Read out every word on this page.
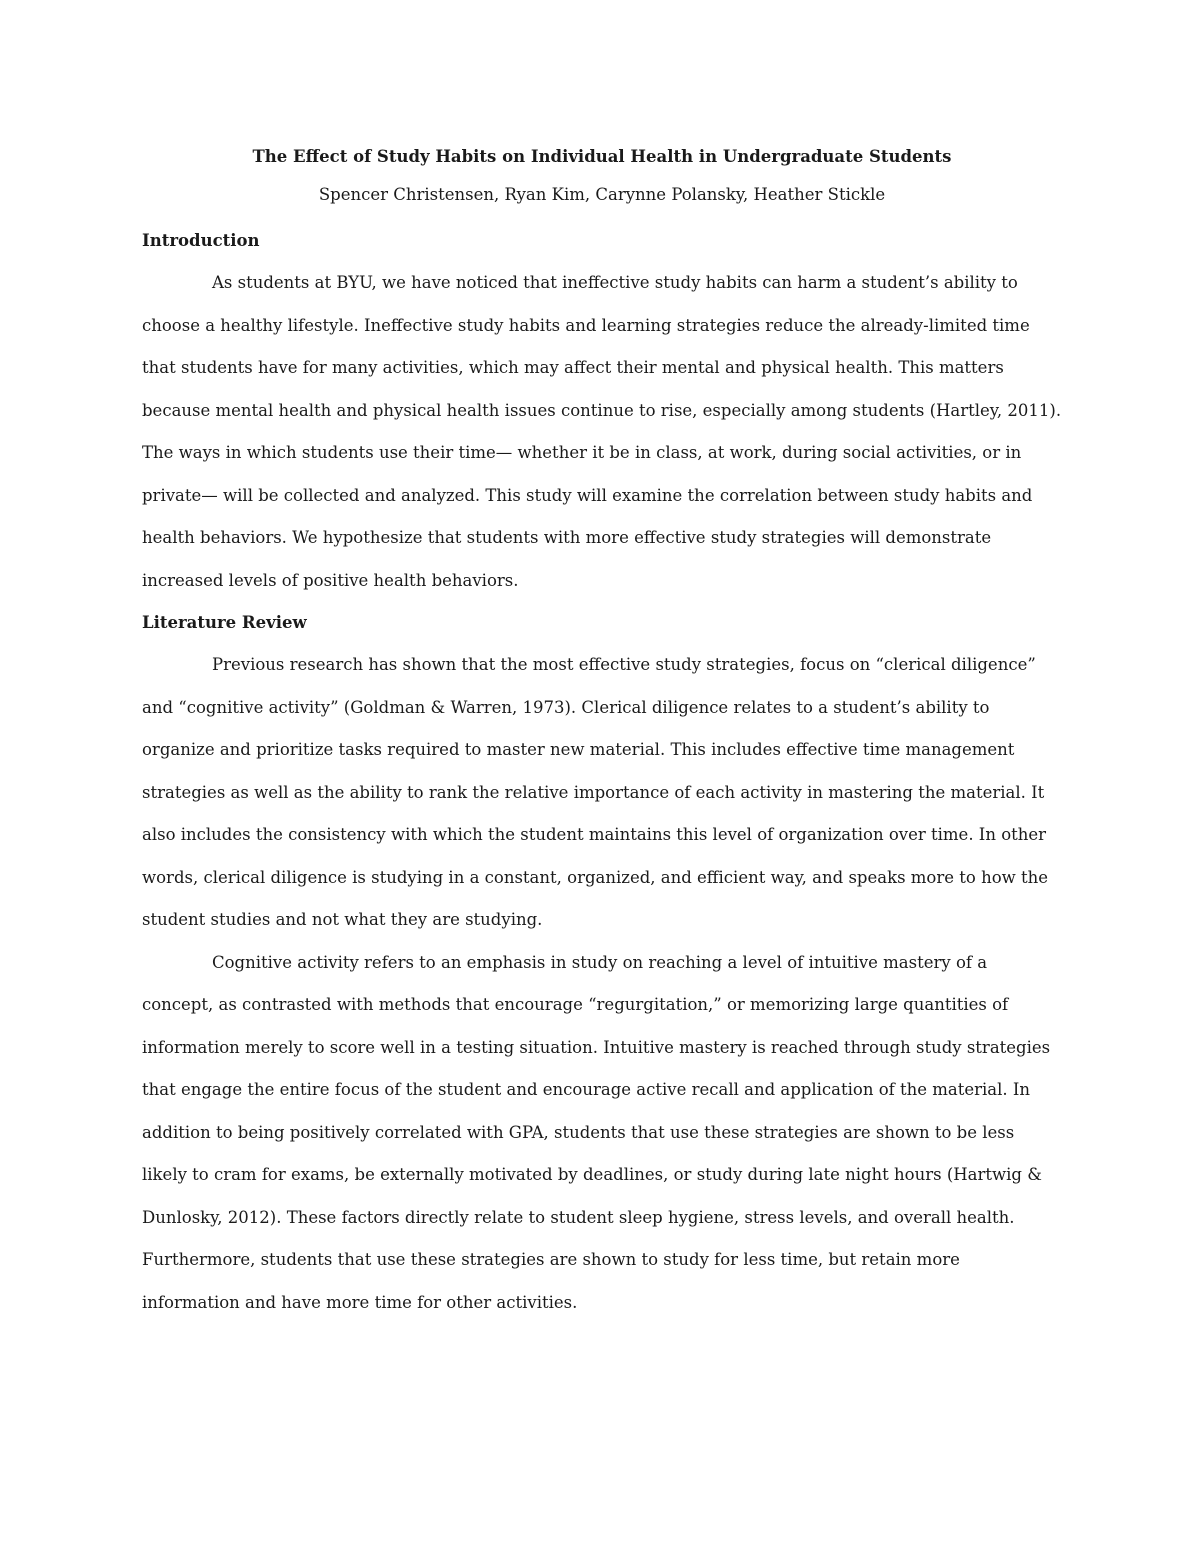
The Effect of Study Habits on Individual Health in Undergraduate Students

Spencer Christensen, Ryan Kim, Carynne Polansky, Heather Stickle

Introduction

As students at BYU, we have noticed that ineffective study habits can harm a student’s ability to choose a healthy lifestyle. Ineffective study habits and learning strategies reduce the already-limited time that students have for many activities, which may affect their mental and physical health. This matters because mental health and physical health issues continue to rise, especially among students (Hartley, 2011). The ways in which students use their time— whether it be in class, at work, during social activities, or in private— will be collected and analyzed. This study will examine the correlation between study habits and health behaviors. We hypothesize that students with more effective study strategies will demonstrate increased levels of positive health behaviors.

Literature Review

Previous research has shown that the most effective study strategies, focus on “clerical diligence” and “cognitive activity” (Goldman & Warren, 1973). Clerical diligence relates to a student’s ability to organize and prioritize tasks required to master new material. This includes effective time management strategies as well as the ability to rank the relative importance of each activity in mastering the material. It also includes the consistency with which the student maintains this level of organization over time. In other words, clerical diligence is studying in a constant, organized, and efficient way, and speaks more to how the student studies and not what they are studying.

Cognitive activity refers to an emphasis in study on reaching a level of intuitive mastery of a concept, as contrasted with methods that encourage “regurgitation,” or memorizing large quantities of information merely to score well in a testing situation. Intuitive mastery is reached through study strategies that engage the entire focus of the student and encourage active recall and application of the material. In addition to being positively correlated with GPA, students that use these strategies are shown to be less likely to cram for exams, be externally motivated by deadlines, or study during late night hours (Hartwig & Dunlosky, 2012). These factors directly relate to student sleep hygiene, stress levels, and overall health. Furthermore, students that use these strategies are shown to study for less time, but retain more information and have more time for other activities.
